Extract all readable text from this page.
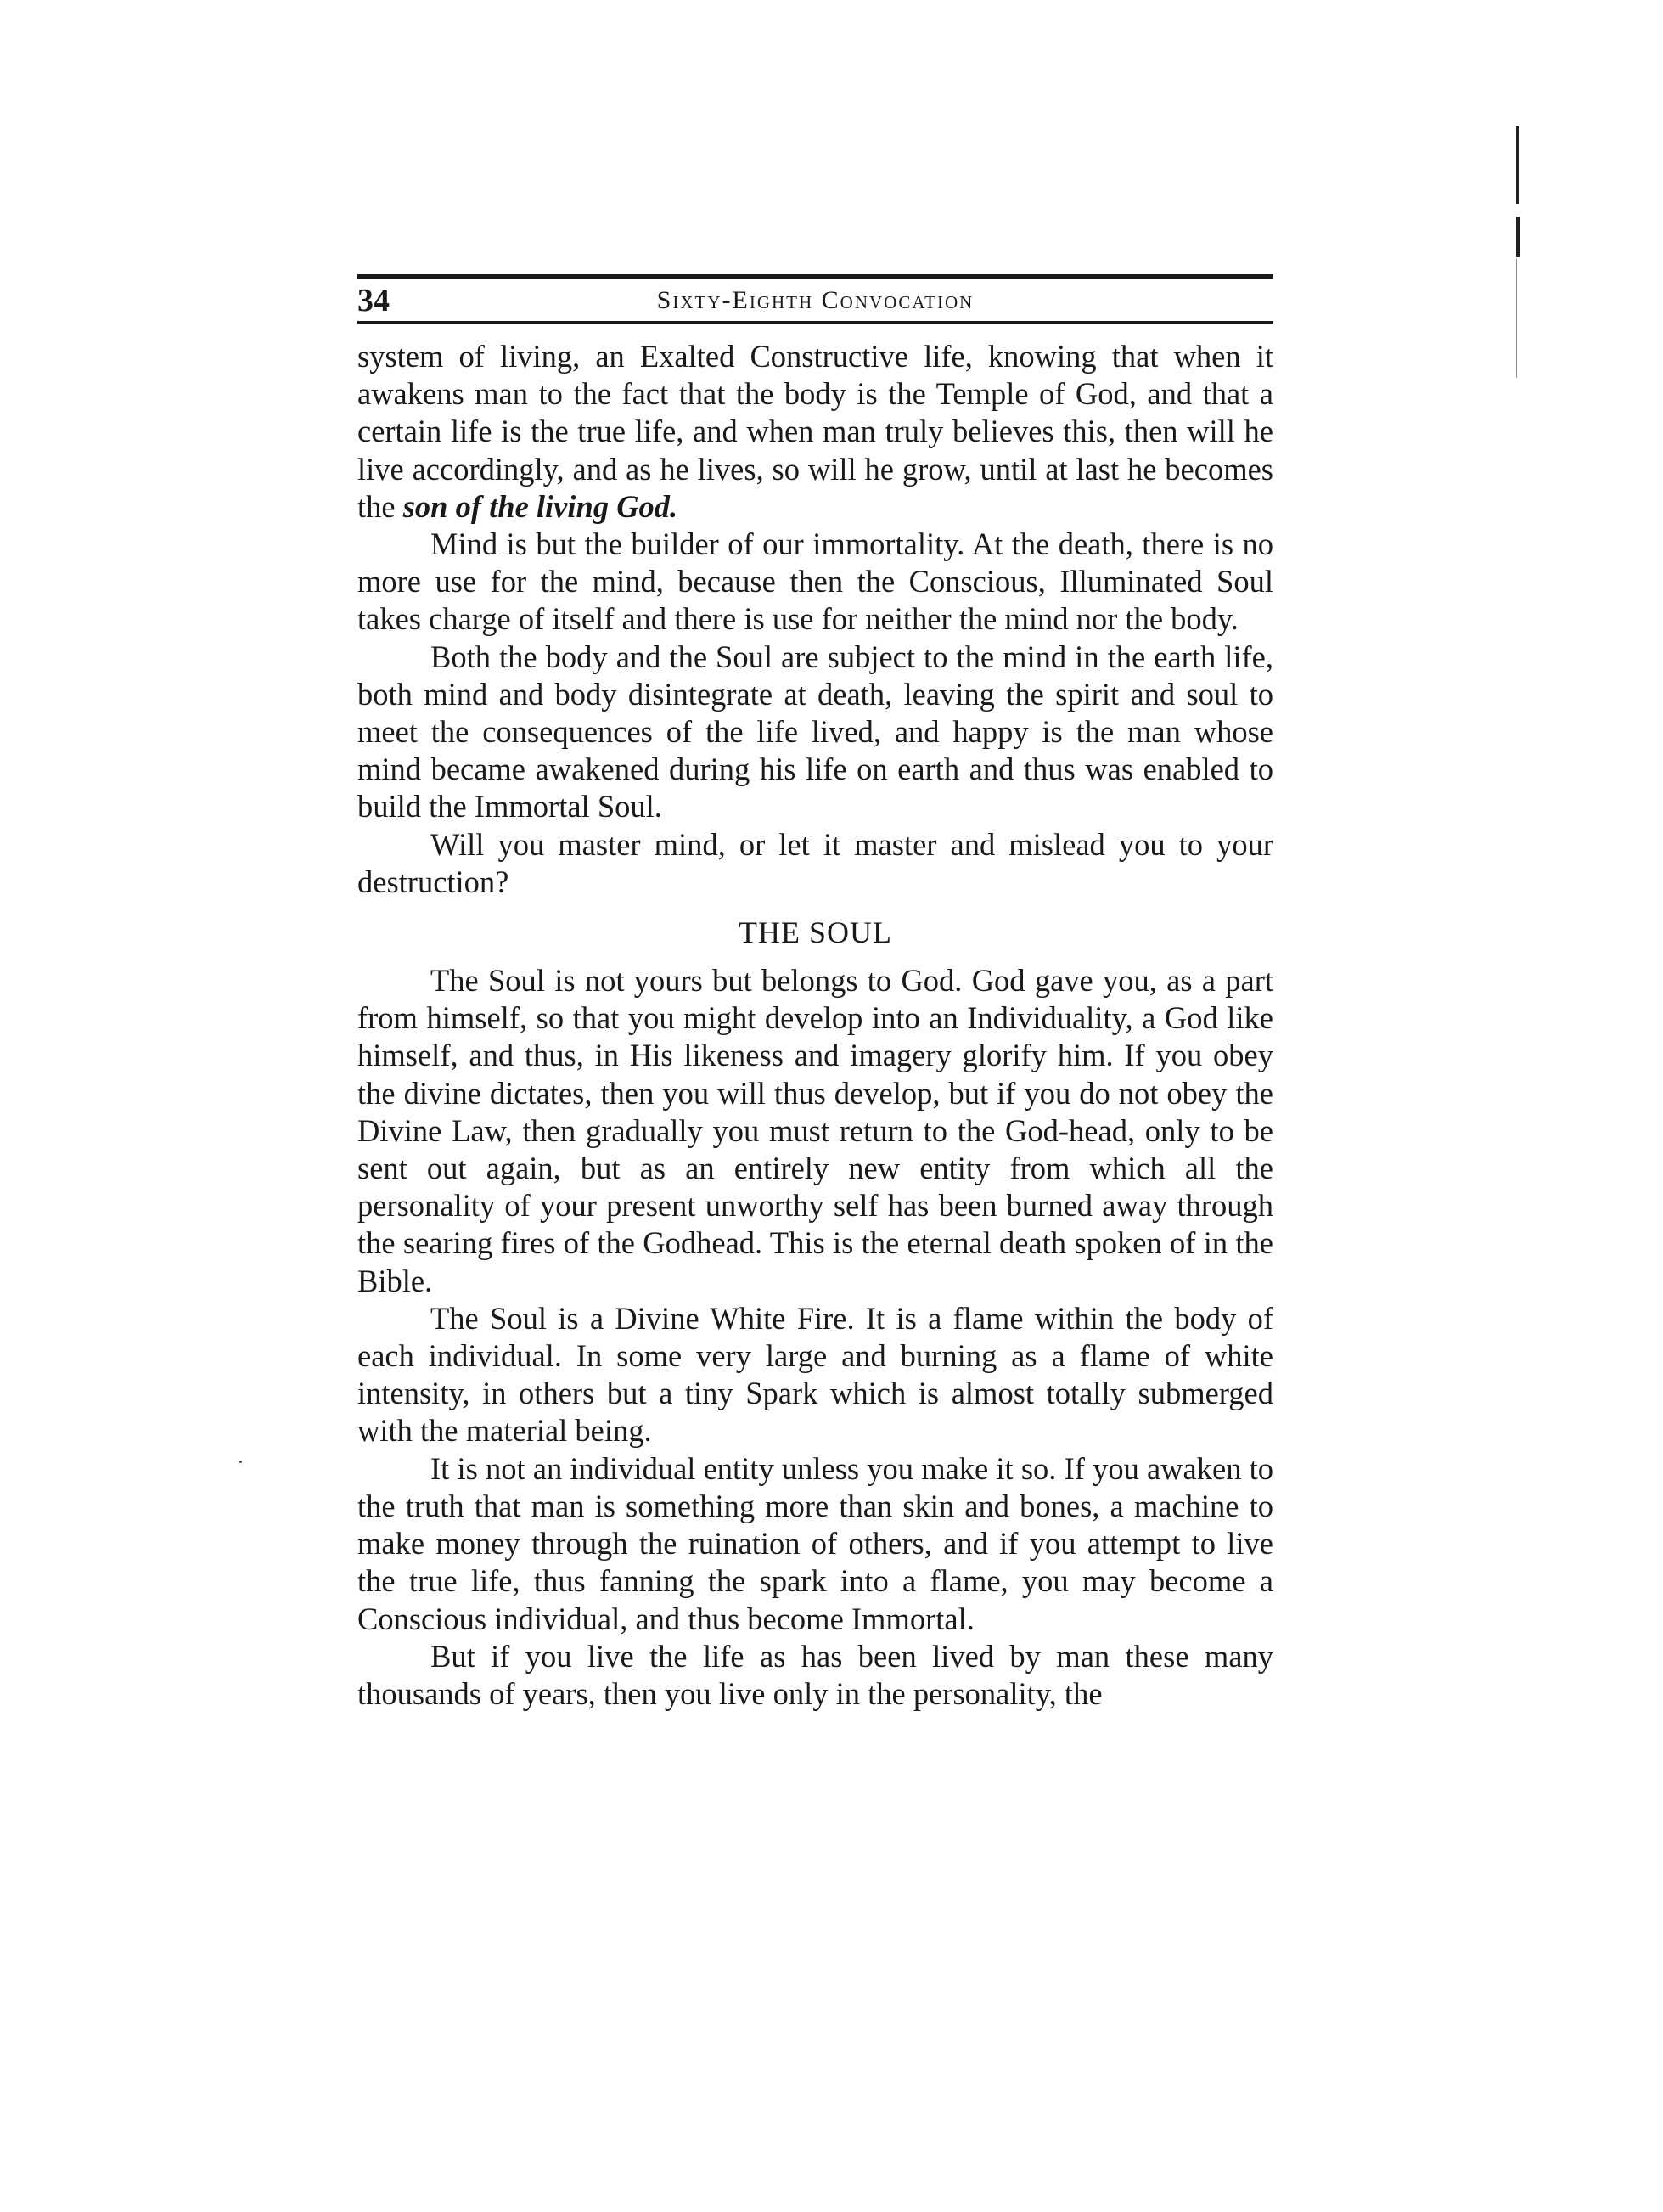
34	Sixty-Eighth Convocation

system of living, an Exalted Constructive life, knowing that when it awakens man to the fact that the body is the Temple of God, and that a certain life is the true life, and when man truly believes this, then will he live accordingly, and as he lives, so will he grow, until at last he becomes the son of the living God.

Mind is but the builder of our immortality. At the death, there is no more use for the mind, because then the Conscious, Illuminated Soul takes charge of itself and there is use for neither the mind nor the body.

Both the body and the Soul are subject to the mind in the earth life, both mind and body disintegrate at death, leaving the spirit and soul to meet the consequences of the life lived, and happy is the man whose mind became awakened during his life on earth and thus was enabled to build the Immortal Soul.

Will you master mind, or let it master and mislead you to your destruction?

THE SOUL

The Soul is not yours but belongs to God. God gave you, as a part from himself, so that you might develop into an Individuality, a God like himself, and thus, in His likeness and imagery glorify him. If you obey the divine dictates, then you will thus develop, but if you do not obey the Divine Law, then gradually you must return to the God-head, only to be sent out again, but as an entirely new entity from which all the personality of your present unworthy self has been burned away through the searing fires of the Godhead. This is the eternal death spoken of in the Bible.

The Soul is a Divine White Fire. It is a flame within the body of each individual. In some very large and burning as a flame of white intensity, in others but a tiny Spark which is almost totally submerged with the material being.

It is not an individual entity unless you make it so. If you awaken to the truth that man is something more than skin and bones, a machine to make money through the ruination of others, and if you attempt to live the true life, thus fanning the spark into a flame, you may become a Conscious individual, and thus become Immortal.

But if you live the life as has been lived by man these many thousands of years, then you live only in the personality, the
